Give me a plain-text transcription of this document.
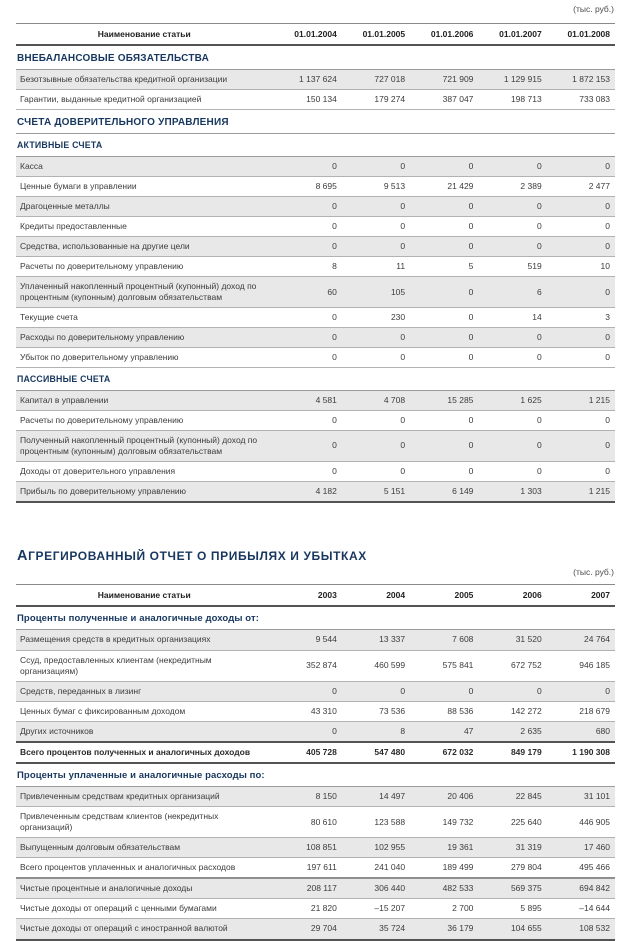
(тыс. руб.)
Наименование статьи	01.01.2004	01.01.2005	01.01.2006	01.01.2007	01.01.2008
ВНЕБАЛАНСОВЫЕ ОБЯЗАТЕЛЬСТВА					
Безотзывные обязательства кредитной организации	1 137 624	727 018	721 909	1 129 915	1 872 153
Гарантии, выданные кредитной организацией	150 134	179 274	387 047	198 713	733 083
СЧЕТА ДОВЕРИТЕЛЬНОГО УПРАВЛЕНИЯ					
АКТИВНЫЕ СЧЕТА					
Касса	0	0	0	0	0
Ценные бумаги в управлении	8 695	9 513	21 429	2 389	2 477
Драгоценные металлы	0	0	0	0	0
Кредиты предоставленные	0	0	0	0	0
Средства, использованные на другие цели	0	0	0	0	0
Расчеты по доверительному управлению	8	11	5	519	10
Уплаченный накопленный процентный (купонный) доход по процентным (купонным) долговым обязательствам	60	105	0	6	0
Текущие счета	0	230	0	14	3
Расходы по доверительному управлению	0	0	0	0	0
Убыток по доверительному управлению	0	0	0	0	0
ПАССИВНЫЕ СЧЕТА					
Капитал в управлении	4 581	4 708	15 285	1 625	1 215
Расчеты по доверительному управлению	0	0	0	0	0
Полученный накопленный процентный (купонный) доход по процентным (купонным) долговым обязательствам	0	0	0	0	0
Доходы от доверительного управления	0	0	0	0	0
Прибыль по доверительному управлению	4 182	5 151	6 149	1 303	1 215
АГРЕГИРОВАННЫЙ ОТЧЕТ О ПРИБЫЛЯХ И УБЫТКАХ
(тыс. руб.)
Наименование статьи	2003	2004	2005	2006	2007
Проценты полученные и аналогичные доходы от:					
Размещения средств в кредитных организациях	9 544	13 337	7 608	31 520	24 764
Ссуд, предоставленных клиентам (некредитным организациям)	352 874	460 599	575 841	672 752	946 185
Средств, переданных в лизинг	0	0	0	0	0
Ценных бумаг с фиксированным доходом	43 310	73 536	88 536	142 272	218 679
Других источников	0	8	47	2 635	680
Всего процентов полученных и аналогичных доходов	405 728	547 480	672 032	849 179	1 190 308
Проценты уплаченные и аналогичные расходы по:					
Привлеченным средствам кредитных организаций	8 150	14 497	20 406	22 845	31 101
Привлеченным средствам клиентов (некредитных организаций)	80 610	123 588	149 732	225 640	446 905
Выпущенным долговым обязательствам	108 851	102 955	19 361	31 319	17 460
Всего процентов уплаченных и аналогичных расходов	197 611	241 040	189 499	279 804	495 466
Чистые процентные и аналогичные доходы	208 117	306 440	482 533	569 375	694 842
Чистые доходы от операций с ценными бумагами	21 820	–15 207	2 700	5 895	–14 644
Чистые доходы от операций с иностранной валютой	29 704	35 724	36 179	104 655	108 532
